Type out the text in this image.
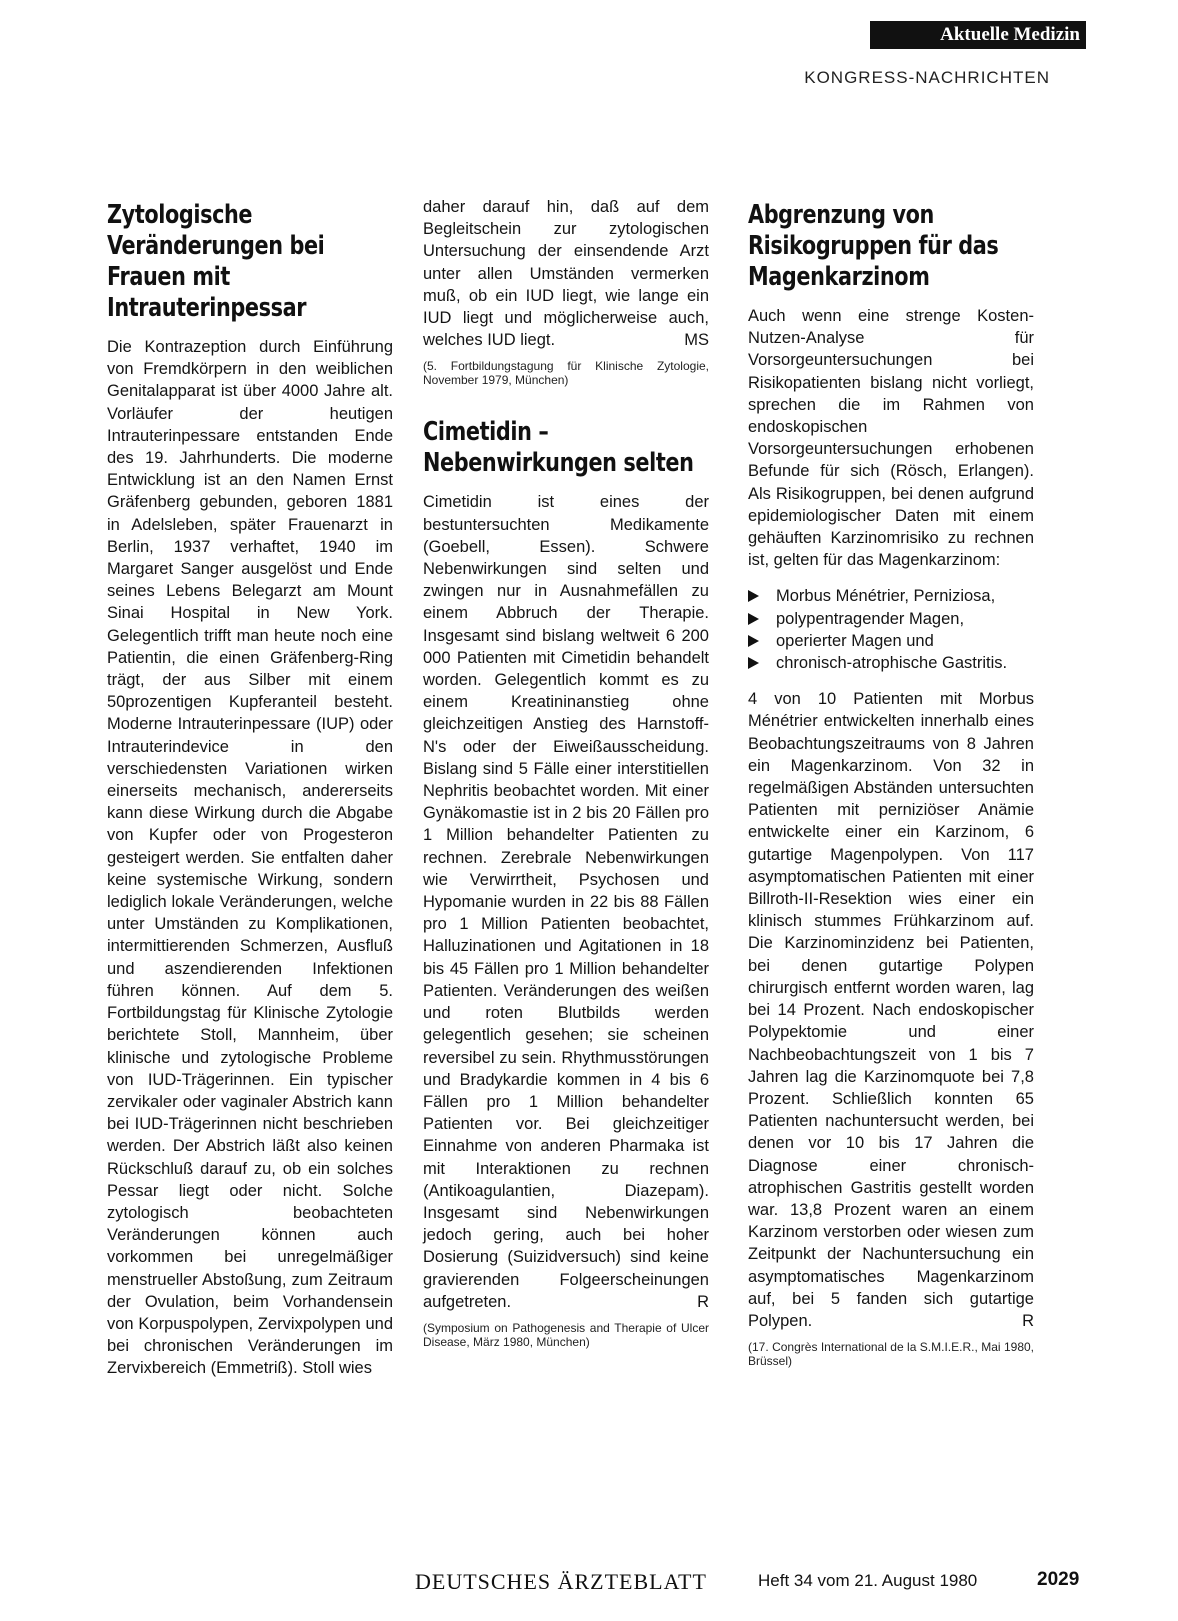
Aktuelle Medizin
KONGRESS-NACHRICHTEN
Zytologische Veränderungen bei Frauen mit Intrauterinpessar

Die Kontrazeption durch Einführung von Fremdkörpern in den weiblichen Genitalapparat ist über 4000 Jahre alt. Vorläufer der heutigen Intrauterinpessare entstanden Ende des 19. Jahrhunderts. Die moderne Entwicklung ist an den Namen Ernst Gräfenberg gebunden, geboren 1881 in Adelsleben, später Frauenarzt in Berlin, 1937 verhaftet, 1940 im Margaret Sanger ausgelöst und Ende seines Lebens Belegarzt am Mount Sinai Hospital in New York. Gelegentlich trifft man heute noch eine Patientin, die einen Gräfenberg-Ring trägt, der aus Silber mit einem 50prozentigen Kupferanteil besteht. Moderne Intrauterinpessare (IUP) oder Intrauterindevice in den verschiedensten Variationen wirken einerseits mechanisch, andererseits kann diese Wirkung durch die Abgabe von Kupfer oder von Progesteron gesteigert werden. Sie entfalten daher keine systemische Wirkung, sondern lediglich lokale Veränderungen, welche unter Umständen zu Komplikationen, intermittierenden Schmerzen, Ausfluß und aszendierenden Infektionen führen können. Auf dem 5. Fortbildungstag für Klinische Zytologie berichtete Stoll, Mannheim, über klinische und zytologische Probleme von IUD-Trägerinnen. Ein typischer zervikaler oder vaginaler Abstrich kann bei IUD-Trägerinnen nicht beschrieben werden. Der Abstrich läßt also keinen Rückschluß darauf zu, ob ein solches Pessar liegt oder nicht. Solche zytologisch beobachteten Veränderungen können auch vorkommen bei unregelmäßiger menstrueller Abstoßung, zum Zeitraum der Ovulation, beim Vorhandensein von Korpuspolypen, Zervixpolypen und bei chronischen Veränderungen im Zervixbereich (Emmetriß). Stoll wies

daher darauf hin, daß auf dem Begleitschein zur zytologischen Untersuchung der einsendende Arzt unter allen Umständen vermerken muß, ob ein IUD liegt, wie lange ein IUD liegt und möglicherweise auch, welches IUD liegt.	MS

(5. Fortbildungstagung für Klinische Zytologie, November 1979, München)

Cimetidin – Nebenwirkungen selten

Cimetidin ist eines der bestuntersuchten Medikamente (Goebell, Essen). Schwere Nebenwirkungen sind selten und zwingen nur in Ausnahmefällen zu einem Abbruch der Therapie. Insgesamt sind bislang weltweit 6 200 000 Patienten mit Cimetidin behandelt worden. Gelegentlich kommt es zu einem Kreatininanstieg ohne gleichzeitigen Anstieg des Harnstoff-N's oder der Eiweißausscheidung. Bislang sind 5 Fälle einer interstitiellen Nephritis beobachtet worden. Mit einer Gynäkomastie ist in 2 bis 20 Fällen pro 1 Million behandelter Patienten zu rechnen. Zerebrale Nebenwirkungen wie Verwirrtheit, Psychosen und Hypomanie wurden in 22 bis 88 Fällen pro 1 Million Patienten beobachtet, Halluzinationen und Agitationen in 18 bis 45 Fällen pro 1 Million behandelter Patienten. Veränderungen des weißen und roten Blutbilds werden gelegentlich gesehen; sie scheinen reversibel zu sein. Rhythmusstörungen und Bradykardie kommen in 4 bis 6 Fällen pro 1 Million behandelter Patienten vor. Bei gleichzeitiger Einnahme von anderen Pharmaka ist mit Interaktionen zu rechnen (Antikoagulantien, Diazepam). Insgesamt sind Nebenwirkungen jedoch gering, auch bei hoher Dosierung (Suizidversuch) sind keine gravierenden Folgeerscheinungen aufgetreten.	R

(Symposium on Pathogenesis and Therapie of Ulcer Disease, März 1980, München)

Abgrenzung von Risikogruppen für das Magenkarzinom

Auch wenn eine strenge Kosten-Nutzen-Analyse für Vorsorgeuntersuchungen bei Risikopatienten bislang nicht vorliegt, sprechen die im Rahmen von endoskopischen Vorsorgeuntersuchungen erhobenen Befunde für sich (Rösch, Erlangen). Als Risikogruppen, bei denen aufgrund epidemiologischer Daten mit einem gehäuften Karzinomrisiko zu rechnen ist, gelten für das Magenkarzinom:

Morbus Ménétrier, Perniziosa,
polypentragender Magen,
operierter Magen und
chronisch-atrophische Gastritis.

4 von 10 Patienten mit Morbus Ménétrier entwickelten innerhalb eines Beobachtungszeitraums von 8 Jahren ein Magenkarzinom. Von 32 in regelmäßigen Abständen untersuchten Patienten mit perniziöser Anämie entwickelte einer ein Karzinom, 6 gutartige Magenpolypen. Von 117 asymptomatischen Patienten mit einer Billroth-II-Resektion wies einer ein klinisch stummes Frühkarzinom auf. Die Karzinominzidenz bei Patienten, bei denen gutartige Polypen chirurgisch entfernt worden waren, lag bei 14 Prozent. Nach endoskopischer Polypektomie und einer Nachbeobachtungszeit von 1 bis 7 Jahren lag die Karzinomquote bei 7,8 Prozent. Schließlich konnten 65 Patienten nachuntersucht werden, bei denen vor 10 bis 17 Jahren die Diagnose einer chronisch-atrophischen Gastritis gestellt worden war. 13,8 Prozent waren an einem Karzinom verstorben oder wiesen zum Zeitpunkt der Nachuntersuchung ein asymptomatisches Magenkarzinom auf, bei 5 fanden sich gutartige Polypen.	R

(17. Congrès International de la S.M.I.E.R., Mai 1980, Brüssel)

DEUTSCHES ÄRZTEBLATT	Heft 34 vom 21. August 1980	2029
